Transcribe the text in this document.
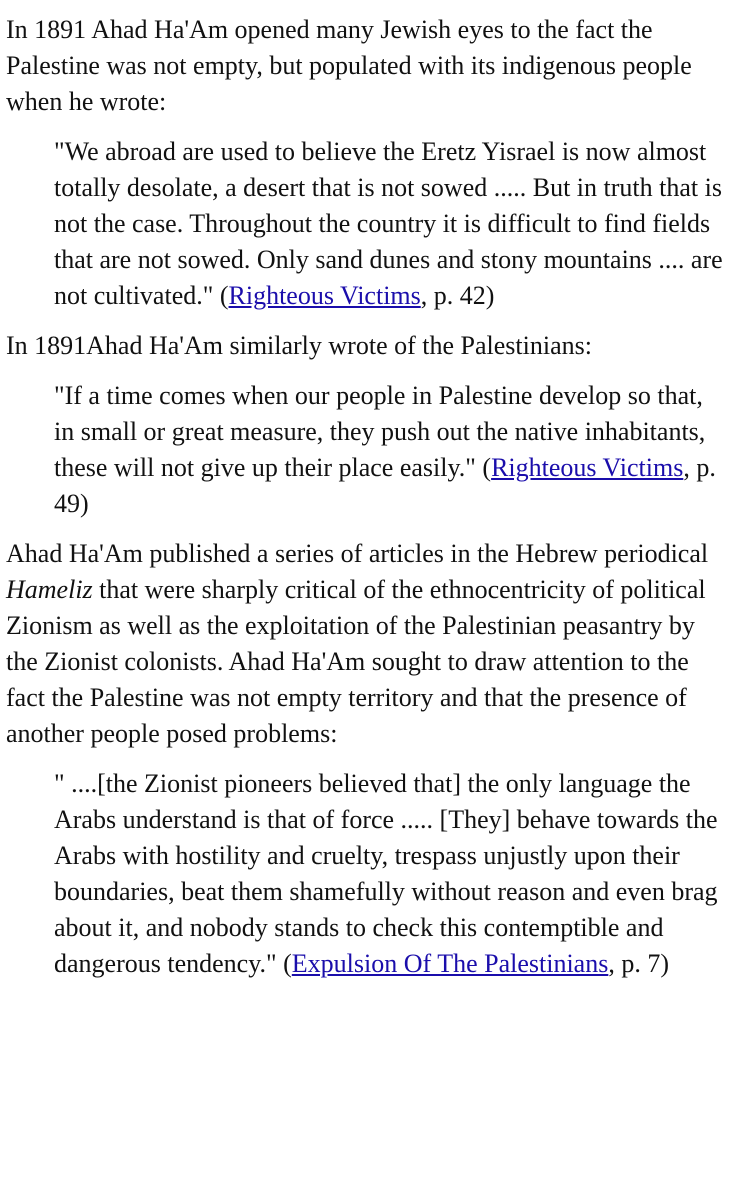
In 1891 Ahad Ha'Am opened many Jewish eyes to the fact the Palestine was not empty, but populated with its indigenous people when he wrote:

"We abroad are used to believe the Eretz Yisrael is now almost totally desolate, a desert that is not sowed ..... But in truth that is not the case. Throughout the country it is difficult to find fields that are not sowed. Only sand dunes and stony mountains .... are not cultivated." (Righteous Victims, p. 42)

In 1891Ahad Ha'Am similarly wrote of the Palestinians:

"If a time comes when our people in Palestine develop so that, in small or great measure, they push out the native inhabitants, these will not give up their place easily." (Righteous Victims, p. 49)

Ahad Ha'Am published a series of articles in the Hebrew periodical Hameliz that were sharply critical of the ethnocentricity of political Zionism as well as the exploitation of the Palestinian peasantry by the Zionist colonists. Ahad Ha'Am sought to draw attention to the fact the Palestine was not empty territory and that the presence of another people posed problems:

" ....[the Zionist pioneers believed that] the only language the Arabs understand is that of force ..... [They] behave towards the Arabs with hostility and cruelty, trespass unjustly upon their boundaries, beat them shamefully without reason and even brag about it, and nobody stands to check this contemptible and dangerous tendency." (Expulsion Of The Palestinians, p. 7)
